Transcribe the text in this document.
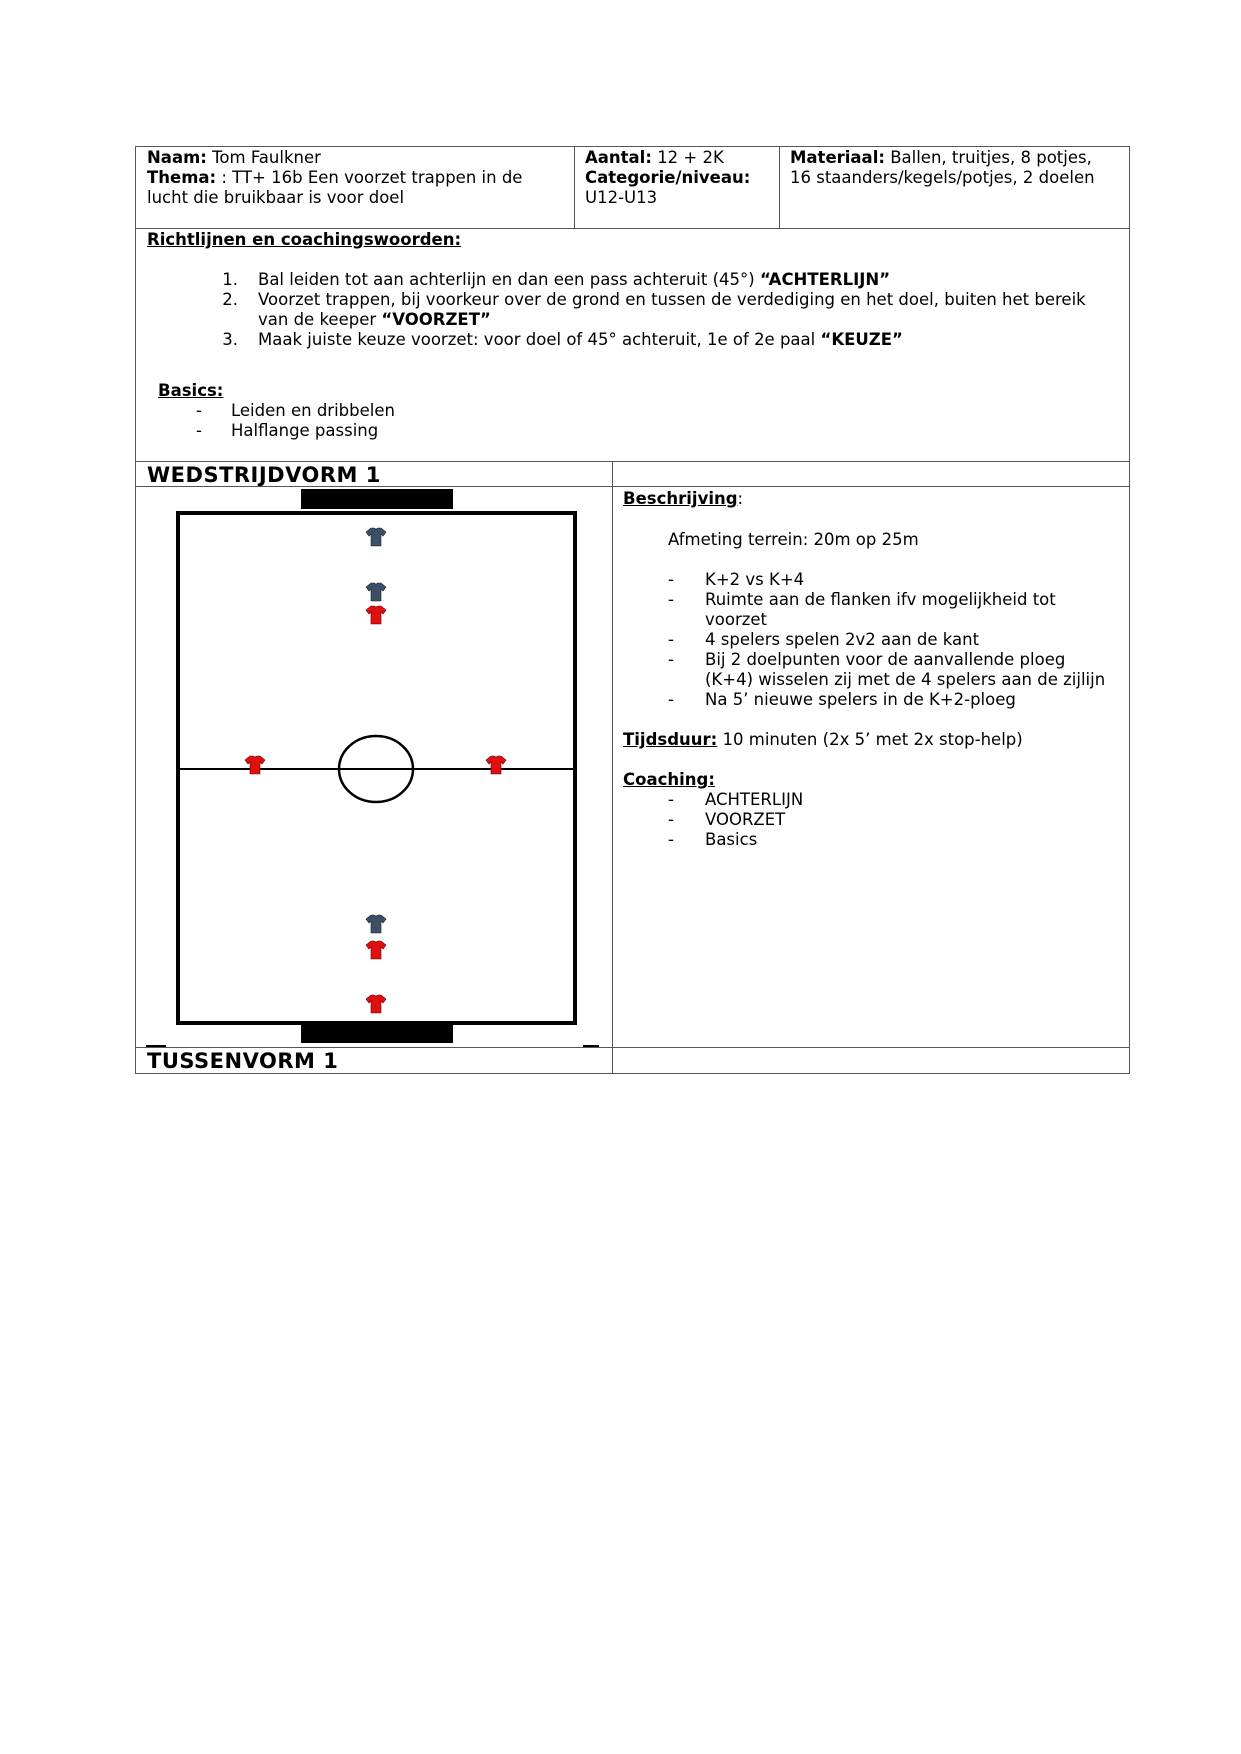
Naam: Tom Faulkner
Thema: : TT+ 16b Een voorzet trappen in de
lucht die bruikbaar is voor doel
Aantal: 12 + 2K
Categorie/niveau:
U12-U13
Materiaal: Ballen, truitjes, 8 potjes,
16 staanders/kegels/potjes, 2 doelen
Richtlijnen en coachingswoorden:
1. Bal leiden tot aan achterlijn en dan een pass achteruit (45°) “ACHTERLIJN”
2. Voorzet trappen, bij voorkeur over de grond en tussen de verdediging en het doel, buiten het bereik
van de keeper “VOORZET”
3. Maak juiste keuze voorzet: voor doel of 45° achteruit, 1e of 2e paal “KEUZE”
Basics:
- Leiden en dribbelen
- Halflange passing
WEDSTRIJDVORM 1
Beschrijving:
Afmeting terrein: 20m op 25m
- K+2 vs K+4
- Ruimte aan de flanken ifv mogelijkheid tot
voorzet
- 4 spelers spelen 2v2 aan de kant
- Bij 2 doelpunten voor de aanvallende ploeg
(K+4) wisselen zij met de 4 spelers aan de zijlijn
- Na 5’ nieuwe spelers in de K+2-ploeg
Tijdsduur: 10 minuten (2x 5’ met 2x stop-help)
Coaching:
- ACHTERLIJN
- VOORZET
- Basics
TUSSENVORM 1
